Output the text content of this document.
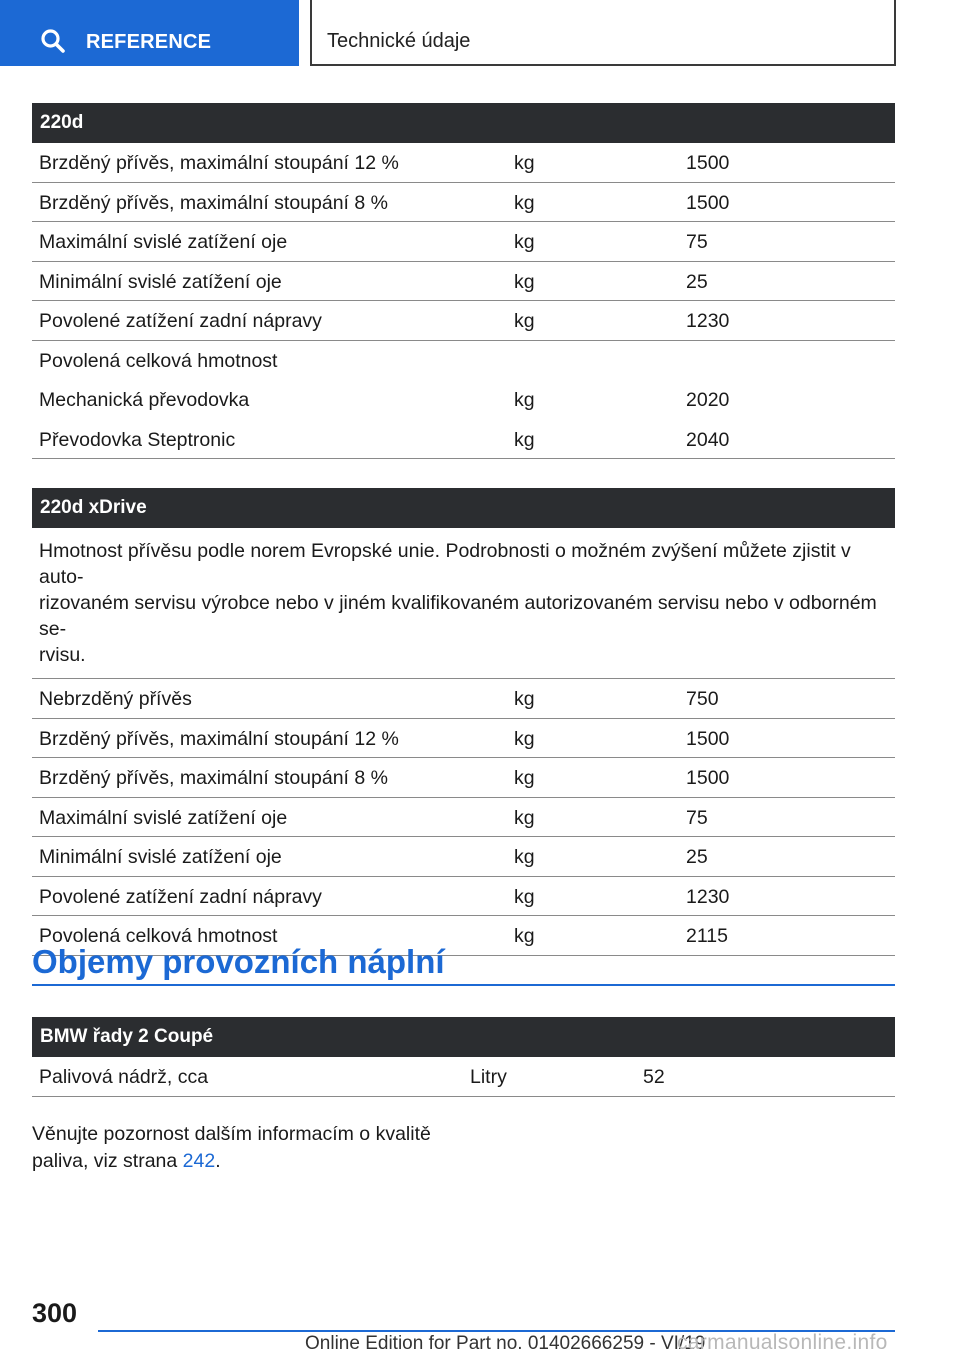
REFERENCE	Technické údaje
220d
Brzděný přívěs, maximální stoupání 12 %	kg	1500
Brzděný přívěs, maximální stoupání 8 %	kg	1500
Maximální svislé zatížení oje	kg	75
Minimální svislé zatížení oje	kg	25
Povolené zatížení zadní nápravy	kg	1230
Povolená celková hmotnost
Mechanická převodovka	kg	2020
Převodovka Steptronic	kg	2040
220d xDrive
Hmotnost přívěsu podle norem Evropské unie. Podrobnosti o možném zvýšení můžete zjistit v auto-
rizovaném servisu výrobce nebo v jiném kvalifikovaném autorizovaném servisu nebo v odborném se-
rvisu.
Nebrzděný přívěs	kg	750
Brzděný přívěs, maximální stoupání 12 %	kg	1500
Brzděný přívěs, maximální stoupání 8 %	kg	1500
Maximální svislé zatížení oje	kg	75
Minimální svislé zatížení oje	kg	25
Povolené zatížení zadní nápravy	kg	1230
Povolená celková hmotnost	kg	2115
Objemy provozních náplní
BMW řady 2 Coupé
Palivová nádrž, cca	Litry	52
Věnujte pozornost dalším informacím o kvalitě
paliva, viz strana 242.
300
Online Edition for Part no. 01402666259 - VI/19
carmanualsonline.info
